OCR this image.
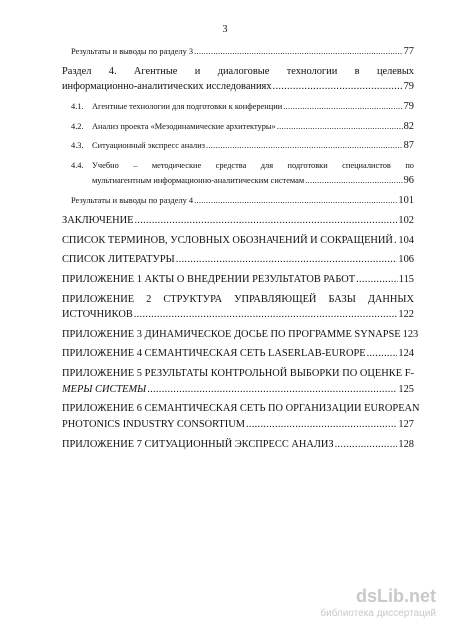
3
Результаты и выводы по разделу 3 .....	77
Раздел 4. Агентные и диалоговые технологии в целевых
информационно-аналитических исследованиях .....	79
4.1.	Агентные технологии для подготовки к конференции .....	79
4.2.	Анализ проекта «Мезодинамические архитектуры» .....	82
4.3.	Ситуационный экспресс анализ .....	87
4.4. Учебно – методические средства для подготовки специалистов по
мультиагентным информационно-аналитическим системам .....	96
Результаты и выводы по разделу 4 .....	101
ЗАКЛЮЧЕНИЕ .....	102
СПИСОК ТЕРМИНОВ, УСЛОВНЫХ ОБОЗНАЧЕНИЙ И СОКРАЩЕНИЙ ..... 104
СПИСОК ЛИТЕРАТУРЫ .....	106
ПРИЛОЖЕНИЕ 1 АКТЫ О ВНЕДРЕНИИ РЕЗУЛЬТАТОВ РАБОТ .....	115
ПРИЛОЖЕНИЕ 2 СТРУКТУРА УПРАВЛЯЮЩЕЙ БАЗЫ ДАННЫХ
ИСТОЧНИКОВ .....	122
ПРИЛОЖЕНИЕ 3 ДИНАМИЧЕСКОЕ ДОСЬЕ ПО ПРОГРАММЕ SYNAPSE 123
ПРИЛОЖЕНИЕ 4 СЕМАНТИЧЕСКАЯ СЕТЬ LASERLAB-EUROPE .....	124
ПРИЛОЖЕНИЕ 5 РЕЗУЛЬТАТЫ КОНТРОЛЬНОЙ ВЫБОРКИ ПО ОЦЕНКЕ F-
МЕРЫ СИСТЕМЫ .....	125
ПРИЛОЖЕНИЕ 6 СЕМАНТИЧЕСКАЯ СЕТЬ ПО ОРГАНИЗАЦИИ EUROPEAN
PHOTONICS INDUSTRY CONSORTIUM .....	127
ПРИЛОЖЕНИЕ 7 СИТУАЦИОННЫЙ ЭКСПРЕСС АНАЛИЗ .....	128
dsLib.net
библиотека диссертаций
